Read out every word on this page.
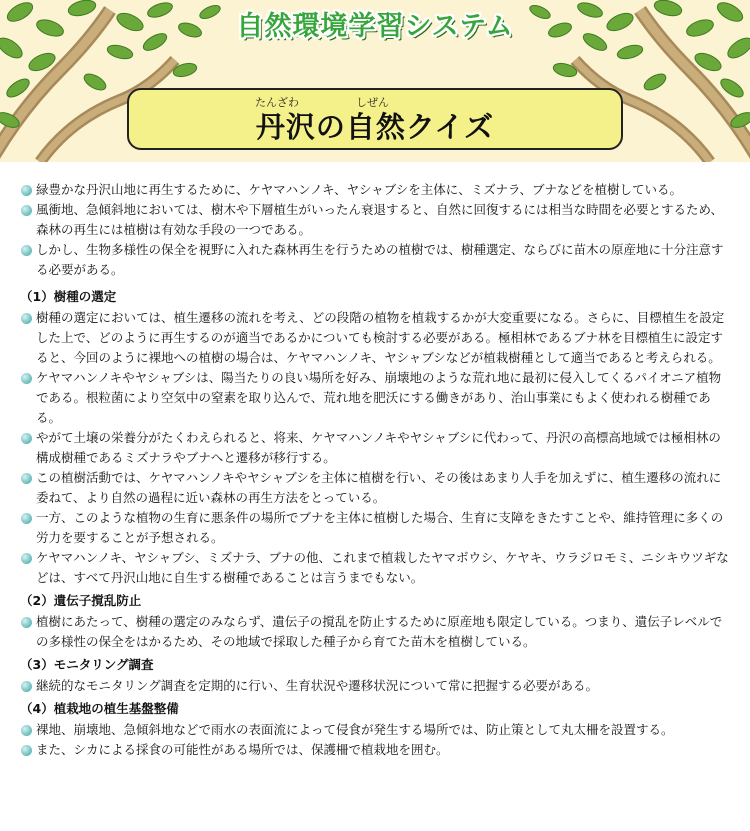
自然環境学習システム
たんざわ	しぜん
丹沢の自然クイズ
緑豊かな丹沢山地に再生するために、ケヤマハンノキ、ヤシャブシを主体に、ミズナラ、ブナなどを植樹している。
風衝地、急傾斜地においては、樹木や下層植生がいったん衰退すると、自然に回復するには相当な時間を必要とするため、森林の再生には植樹は有効な手段の一つである。
しかし、生物多様性の保全を視野に入れた森林再生を行うための植樹では、樹種選定、ならびに苗木の原産地に十分注意する必要がある。
（1）樹種の選定
樹種の選定においては、植生遷移の流れを考え、どの段階の植物を植栽するかが大変重要になる。さらに、目標植生を設定した上で、どのように再生するのが適当であるかについても検討する必要がある。極相林であるブナ林を目標植生に設定すると、今回のように裸地への植樹の場合は、ケヤマハンノキ、ヤシャブシなどが植栽樹種として適当であると考えられる。
ケヤマハンノキやヤシャブシは、陽当たりの良い場所を好み、崩壊地のような荒れ地に最初に侵入してくるパイオニア植物である。根粒菌により空気中の窒素を取り込んで、荒れ地を肥沃にする働きがあり、治山事業にもよく使われる樹種である。
やがて土壌の栄養分がたくわえられると、将来、ケヤマハンノキやヤシャブシに代わって、丹沢の高標高地域では極相林の構成樹種であるミズナラやブナへと遷移が移行する。
この植樹活動では、ケヤマハンノキやヤシャブシを主体に植樹を行い、その後はあまり人手を加えずに、植生遷移の流れに委ねて、より自然の過程に近い森林の再生方法をとっている。
一方、このような植物の生育に悪条件の場所でブナを主体に植樹した場合、生育に支障をきたすことや、維持管理に多くの労力を要することが予想される。
ケヤマハンノキ、ヤシャブシ、ミズナラ、ブナの他、これまで植栽したヤマボウシ、ケヤキ、ウラジロモミ、ニシキウツギなどは、すべて丹沢山地に自生する樹種であることは言うまでもない。
（2）遺伝子撹乱防止
植樹にあたって、樹種の選定のみならず、遺伝子の撹乱を防止するために原産地も限定している。つまり、遺伝子レベルでの多様性の保全をはかるため、その地域で採取した種子から育てた苗木を植樹している。
（3）モニタリング調査
継続的なモニタリング調査を定期的に行い、生育状況や遷移状況について常に把握する必要がある。
（4）植栽地の植生基盤整備
裸地、崩壊地、急傾斜地などで雨水の表面流によって侵食が発生する場所では、防止策として丸太柵を設置する。
また、シカによる採食の可能性がある場所では、保護柵で植栽地を囲む。
